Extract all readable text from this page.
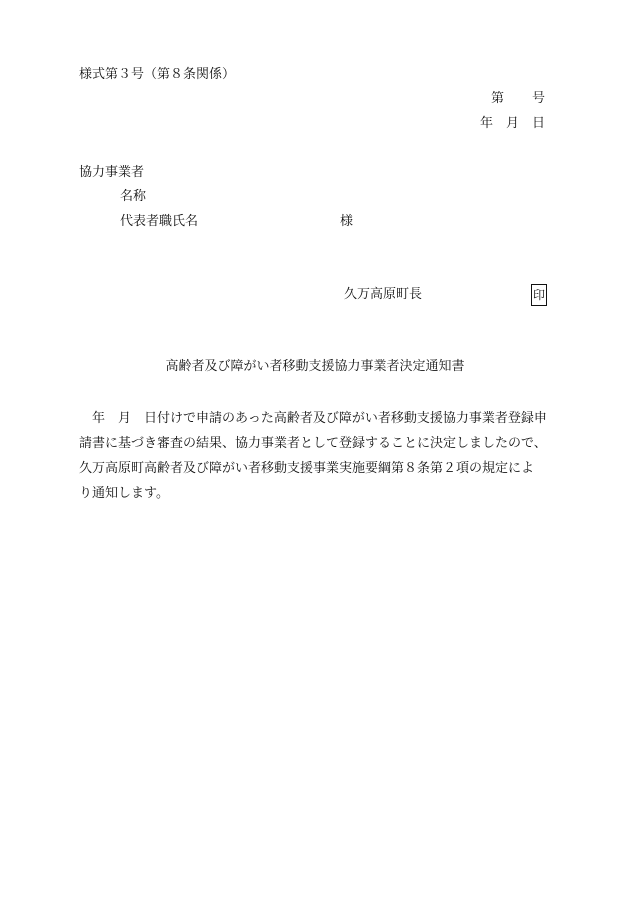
様式第３号（第８条関係）
第 号
年　月　日
協力事業者
名称
代表者職氏名	様
久万高原町長	印
高齢者及び障がい者移動支援協力事業者決定通知書
　年　月　日付けで申請のあった高齢者及び障がい者移動支援協力事業者登録申
請書に基づき審査の結果、協力事業者として登録することに決定しましたので、
久万高原町高齢者及び障がい者移動支援事業実施要綱第８条第２項の規定によ
り通知します。
